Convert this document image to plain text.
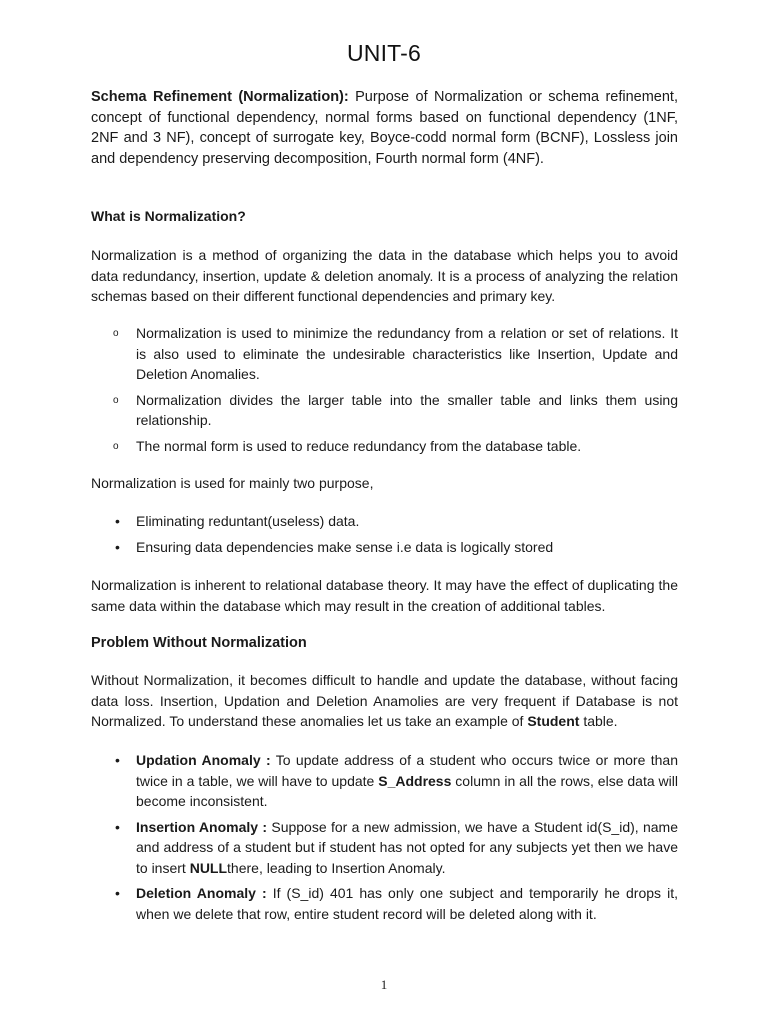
UNIT-6

Schema Refinement (Normalization): Purpose of Normalization or schema refinement, concept of functional dependency, normal forms based on functional dependency (1NF, 2NF and 3 NF), concept of surrogate key, Boyce-codd normal form (BCNF), Lossless join and dependency preserving decomposition, Fourth normal form (4NF).

What is Normalization?

Normalization is a method of organizing the data in the database which helps you to avoid data redundancy, insertion, update & deletion anomaly. It is a process of analyzing the relation schemas based on their different functional dependencies and primary key.

o Normalization is used to minimize the redundancy from a relation or set of relations. It is also used to eliminate the undesirable characteristics like Insertion, Update and Deletion Anomalies.
o Normalization divides the larger table into the smaller table and links them using relationship.
o The normal form is used to reduce redundancy from the database table.

Normalization is used for mainly two purpose,

• Eliminating reduntant(useless) data.
• Ensuring data dependencies make sense i.e data is logically stored

Normalization is inherent to relational database theory. It may have the effect of duplicating the same data within the database which may result in the creation of additional tables.

Problem Without Normalization

Without Normalization, it becomes difficult to handle and update the database, without facing data loss. Insertion, Updation and Deletion Anamolies are very frequent if Database is not Normalized. To understand these anomalies let us take an example of Student table.

• Updation Anomaly : To update address of a student who occurs twice or more than twice in a table, we will have to update S_Address column in all the rows, else data will become inconsistent.
• Insertion Anomaly : Suppose for a new admission, we have a Student id(S_id), name and address of a student but if student has not opted for any subjects yet then we have to insert NULLthere, leading to Insertion Anomaly.
• Deletion Anomaly : If (S_id) 401 has only one subject and temporarily he drops it, when we delete that row, entire student record will be deleted along with it.
1
